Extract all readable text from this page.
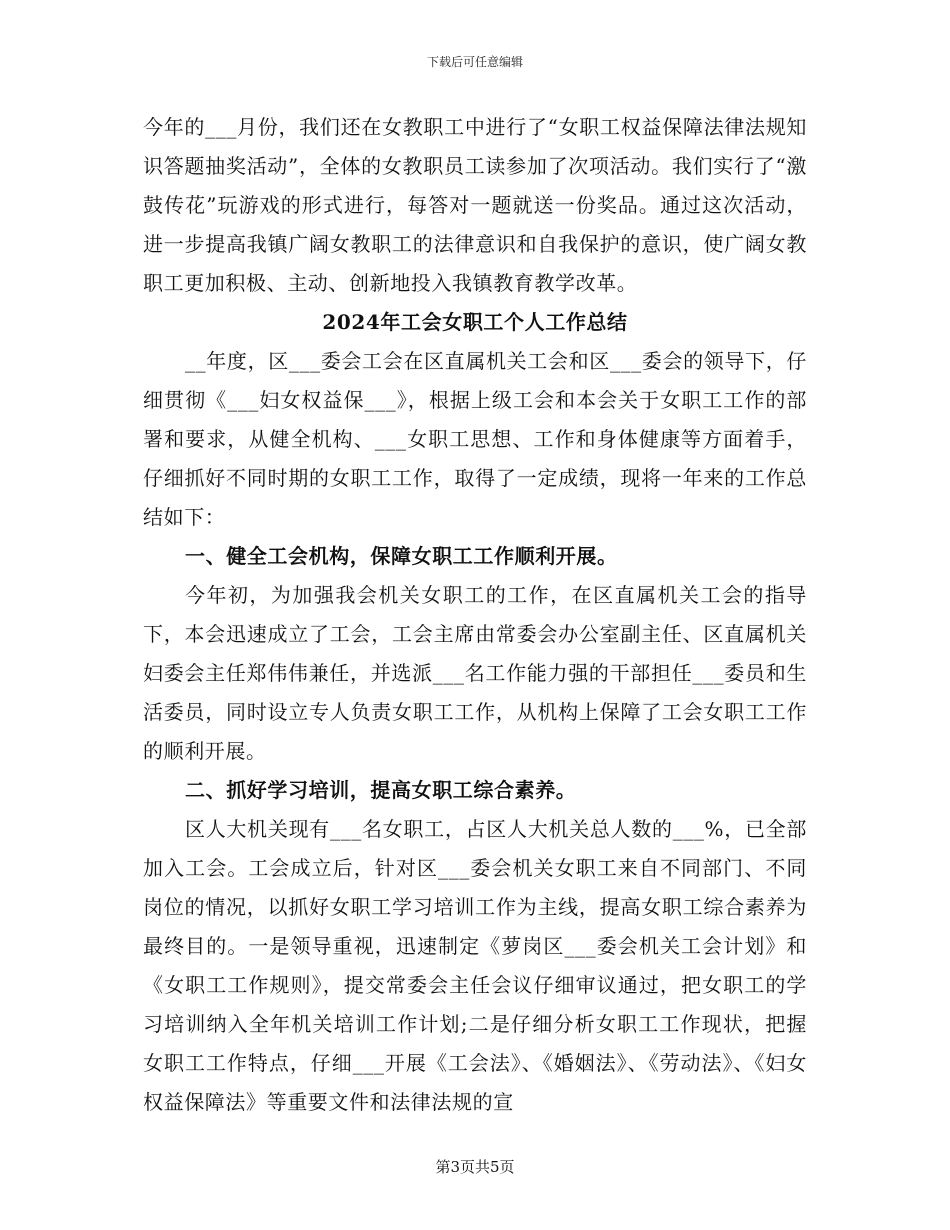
下载后可任意编辑

今年的___月份，我们还在女教职工中进行了“女职工权益保障法律法规知识答题抽奖活动”，全体的女教职员工读参加了次项活动。我们实行了“激鼓传花”玩游戏的形式进行，每答对一题就送一份奖品。通过这次活动，进一步提高我镇广阔女教职工的法律意识和自我保护的意识，使广阔女教职工更加积极、主动、创新地投入我镇教育教学改革。

2024年工会女职工个人工作总结

__年度，区___委会工会在区直属机关工会和区___委会的领导下，仔细贯彻《___妇女权益保___》，根据上级工会和本会关于女职工工作的部署和要求，从健全机构、___女职工思想、工作和身体健康等方面着手，仔细抓好不同时期的女职工工作，取得了一定成绩，现将一年来的工作总结如下：

一、健全工会机构，保障女职工工作顺利开展。

今年初，为加强我会机关女职工的工作，在区直属机关工会的指导下，本会迅速成立了工会，工会主席由常委会办公室副主任、区直属机关妇委会主任郑伟伟兼任，并选派___名工作能力强的干部担任___委员和生活委员，同时设立专人负责女职工工作，从机构上保障了工会女职工工作的顺利开展。

二、抓好学习培训，提高女职工综合素养。

区人大机关现有___名女职工，占区人大机关总人数的___%，已全部加入工会。工会成立后，针对区___委会机关女职工来自不同部门、不同岗位的情况，以抓好女职工学习培训工作为主线，提高女职工综合素养为最终目的。一是领导重视，迅速制定《萝岗区___委会机关工会计划》和《女职工工作规则》，提交常委会主任会议仔细审议通过，把女职工的学习培训纳入全年机关培训工作计划;二是仔细分析女职工工作现状，把握女职工工作特点，仔细___开展《工会法》、《婚姻法》、《劳动法》、《妇女权益保障法》等重要文件和法律法规的宣

第3页共5页
